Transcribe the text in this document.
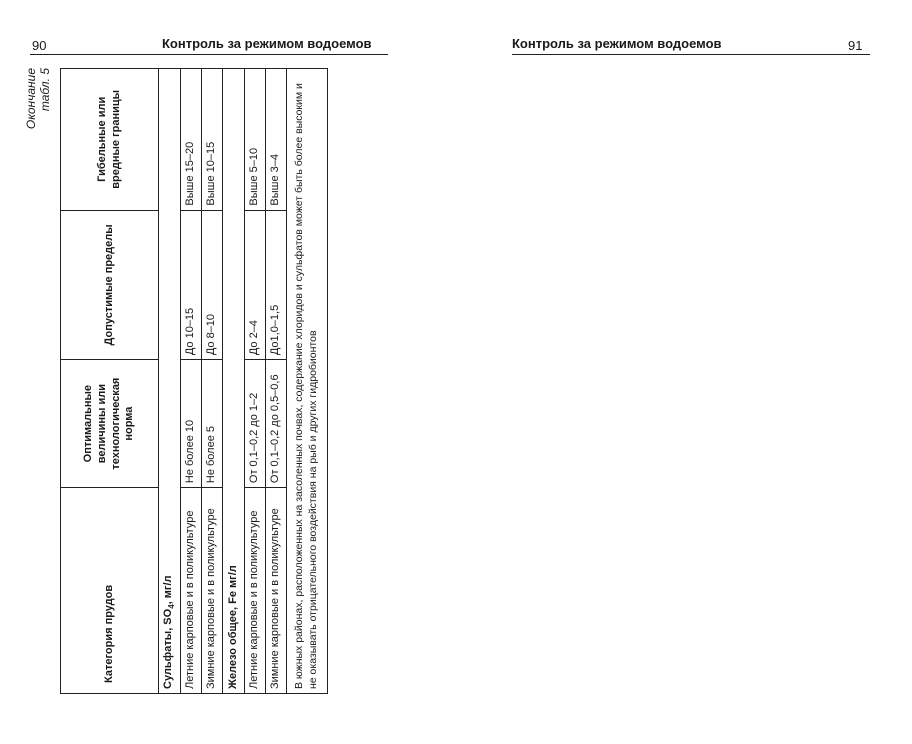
90	Контроль за режимом водоемов
Окончание табл. 5
Категория прудов	Оптимальные величины или технологическая норма	Допустимые пределы	Гибельные или вредные границы
Сульфаты, $SO_4$, мг/л			
Летние карповые и в поликультуре	Не более 10	До 10–15	Выше 15–20
Зимние карповые и в поликультуре	Не более 5	До 8–10	Выше 10–15
Железо общее, Fe мг/л			
Летние карповые и в поликультуре	От 0,1–0,2 до 1–2	До 2–4	Выше 5–10
Зимние карповые и в поликультуре	От 0,1–0,2 до 0,5–0,6	До1,0–1,5	Выше 3–4
В южных районах, расположенных на засоленных почвах, содержание хлоридов и сульфатов может быть более высоким и не оказывать отрицательного воздействия на рыб и других гидробионтов			
Контроль за режимом водоемов	91
